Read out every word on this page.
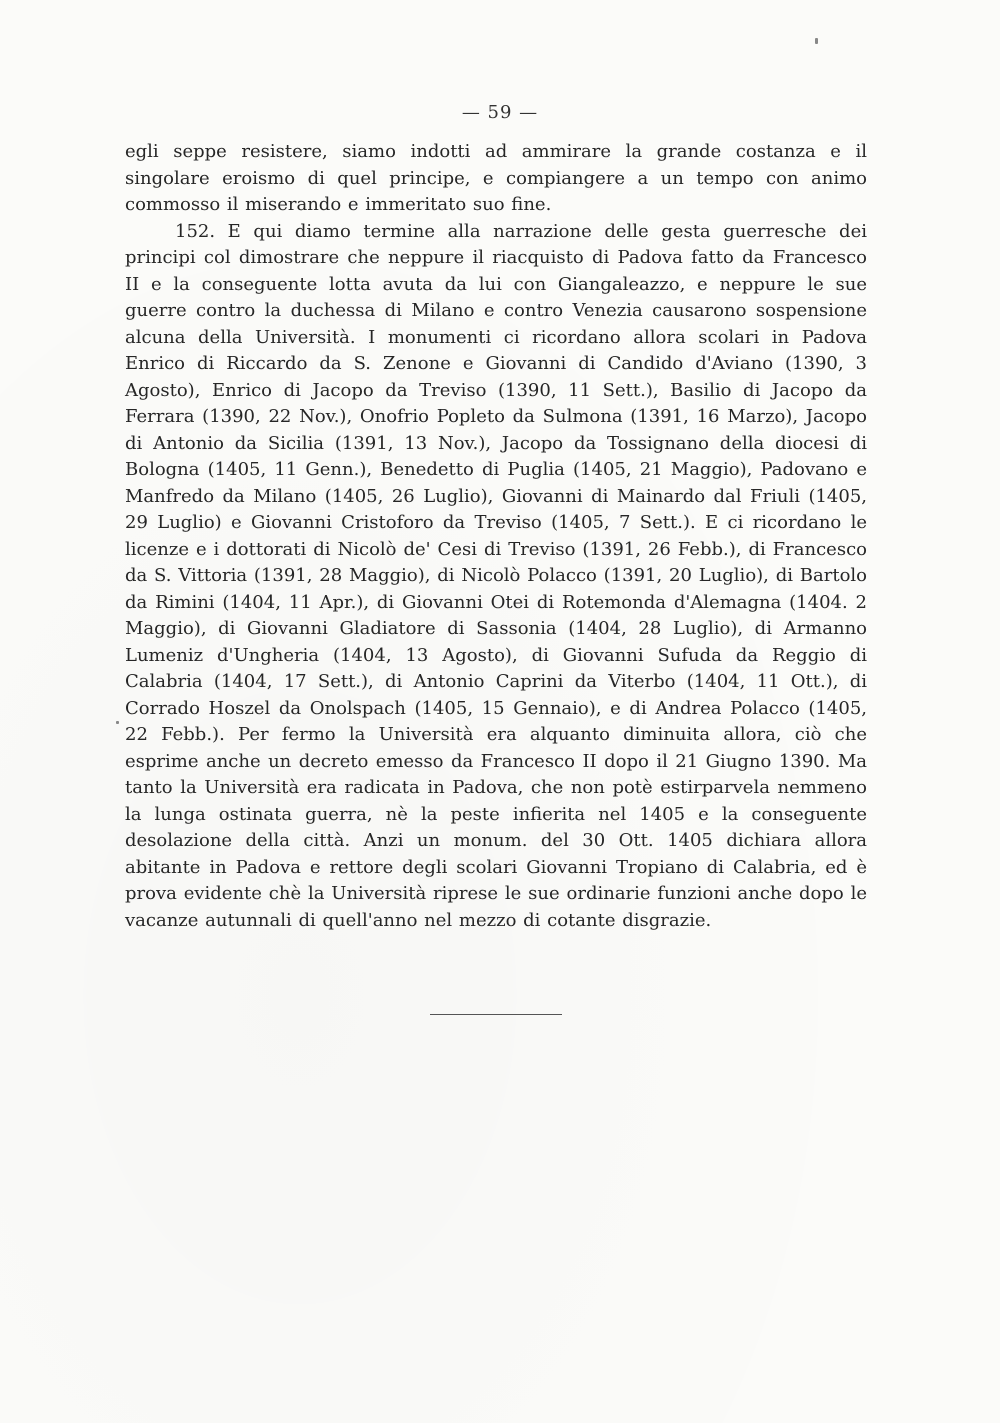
— 59 —

egli seppe resistere, siamo indotti ad ammirare la grande costanza e il singolare eroismo di quel principe, e compiangere a un tempo con animo commosso il miserando e immeritato suo fine.

152. E qui diamo termine alla narrazione delle gesta guerresche dei principi col dimostrare che neppure il riacquisto di Padova fatto da Francesco II e la conseguente lotta avuta da lui con Giangaleazzo, e neppure le sue guerre contro la duchessa di Milano e contro Venezia causarono sospensione alcuna della Università. I monumenti ci ricordano allora scolari in Padova Enrico di Riccardo da S. Zenone e Giovanni di Candido d'Aviano (1390, 3 Agosto), Enrico di Jacopo da Treviso (1390, 11 Sett.), Basilio di Jacopo da Ferrara (1390, 22 Nov.), Onofrio Popleto da Sulmona (1391, 16 Marzo), Jacopo di Antonio da Sicilia (1391, 13 Nov.), Jacopo da Tossignano della diocesi di Bologna (1405, 11 Genn.), Benedetto di Puglia (1405, 21 Maggio), Padovano e Manfredo da Milano (1405, 26 Luglio), Giovanni di Mainardo dal Friuli (1405, 29 Luglio) e Giovanni Cristoforo da Treviso (1405, 7 Sett.). E ci ricordano le licenze e i dottorati di Nicolò de' Cesi di Treviso (1391, 26 Febb.), di Francesco da S. Vittoria (1391, 28 Maggio), di Nicolò Polacco (1391, 20 Luglio), di Bartolo da Rimini (1404, 11 Apr.), di Giovanni Otei di Rotemonda d'Alemagna (1404. 2 Maggio), di Giovanni Gladiatore di Sassonia (1404, 28 Luglio), di Armanno Lumeniz d'Ungheria (1404, 13 Agosto), di Giovanni Sufuda da Reggio di Calabria (1404, 17 Sett.), di Antonio Caprini da Viterbo (1404, 11 Ott.), di Corrado Hoszel da Onolspach (1405, 15 Gennaio), e di Andrea Polacco (1405, 22 Febb.). Per fermo la Università era alquanto diminuita allora, ciò che esprime anche un decreto emesso da Francesco II dopo il 21 Giugno 1390. Ma tanto la Università era radicata in Padova, che non potè estirparvela nemmeno la lunga ostinata guerra, nè la peste infierita nel 1405 e la conseguente desolazione della città. Anzi un monum. del 30 Ott. 1405 dichiara allora abitante in Padova e rettore degli scolari Giovanni Tropiano di Calabria, ed è prova evidente chè la Università riprese le sue ordinarie funzioni anche dopo le vacanze autunnali di quell'anno nel mezzo di cotante disgrazie.
